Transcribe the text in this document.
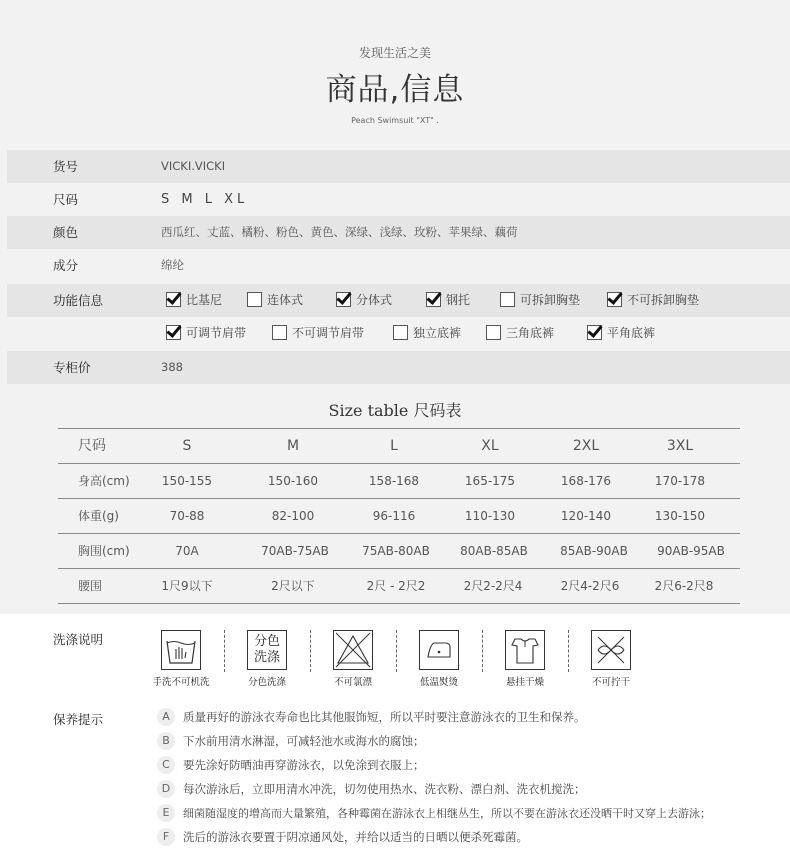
发现生活之美
商品,信息
Peach Swimsuit "XT" .
货号	VICKI.VICKI
尺码	S M L XL
颜色	西瓜红、丈蓝、橘粉、粉色、黄色、深绿、浅绿、玫粉、苹果绿、藕荷
成分	绵纶
功能信息	比基尼	连体式	分体式	钢托	可拆卸胸垫	不可拆卸胸垫
可调节肩带	不可调节肩带	独立底裤	三角底裤	平角底裤
专柜价	388
Size table 尺码表
尺码	S	M	L	XL	2XL	3XL
身高(cm)	150-155	150-160	158-168	165-175	168-176	170-178
体重(g)	70-88	82-100	96-116	110-130	120-140	130-150
胸围(cm)	70A	70AB-75AB	75AB-80AB	80AB-85AB	85AB-90AB	90AB-95AB
腰围	1尺9以下	2尺以下	2尺 - 2尺2	2尺2-2尺4	2尺4-2尺6	2尺6-2尺8
洗涤说明
手洗不可机洗
分色
洗涤
分色洗涤	不可氯漂	低温熨烫	悬挂干燥	不可拧干
保养提示	A 质量再好的游泳衣寿命也比其他服饰短，所以平时要注意游泳衣的卫生和保养。
B 下水前用清水淋湿，可减轻池水或海水的腐蚀；
C 要先涂好防晒油再穿游泳衣，以免涂到衣服上；
D 每次游泳后，立即用清水冲洗，切勿使用热水、洗衣粉、漂白剂、洗衣机搅洗；
E 细菌随湿度的增高而大量繁殖，各种霉菌在游泳衣上相继丛生，所以不要在游泳衣还没晒干时又穿上去游泳；
F 洗后的游泳衣要置于阴凉通风处，并给以适当的日晒以便杀死霉菌。
